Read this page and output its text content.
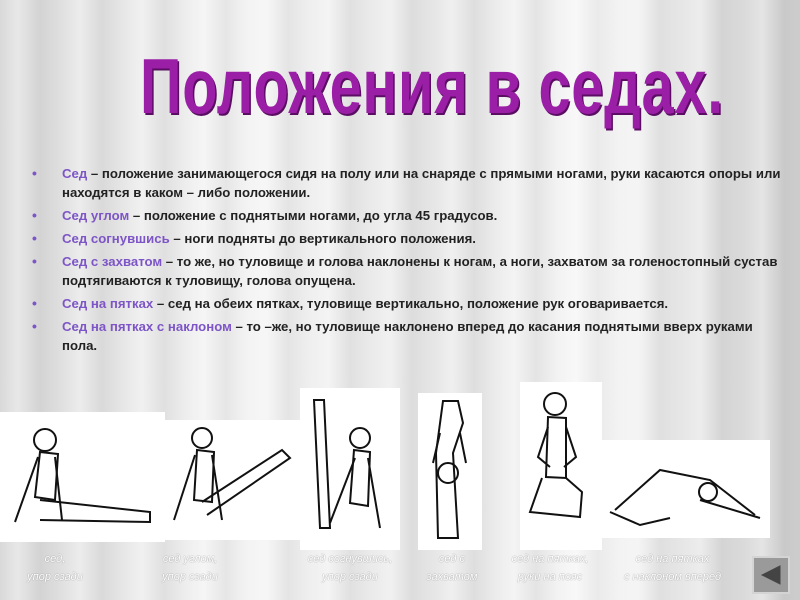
Положения в седах.
• Сед – положение занимающегося сидя на полу или на снаряде с прямыми ногами, руки касаются опоры или находятся в каком – либо положении.
• Сед углом – положение с поднятыми ногами, до угла 45 градусов.
• Сед согнувшись – ноги подняты до вертикального положения.
• Сед с захватом – то же, но туловище и голова наклонены к ногам, а ноги, захватом за голеностопный сустав подтягиваются к туловищу, голова опущена.
• Сед на пятках – сед на обеих пятках, туловище вертикально, положение рук оговаривается.
• Сед на пятках с наклоном – то –же, но туловище наклонено вперед до касания поднятыми вверх руками пола.
сед,
упор сзади
сед углом,
упор сзади
сед согнувшись,
упор сзади
сед с
захватом
сед на пятках,
руки на пояс
сед на пятках
с наклоном вперед
